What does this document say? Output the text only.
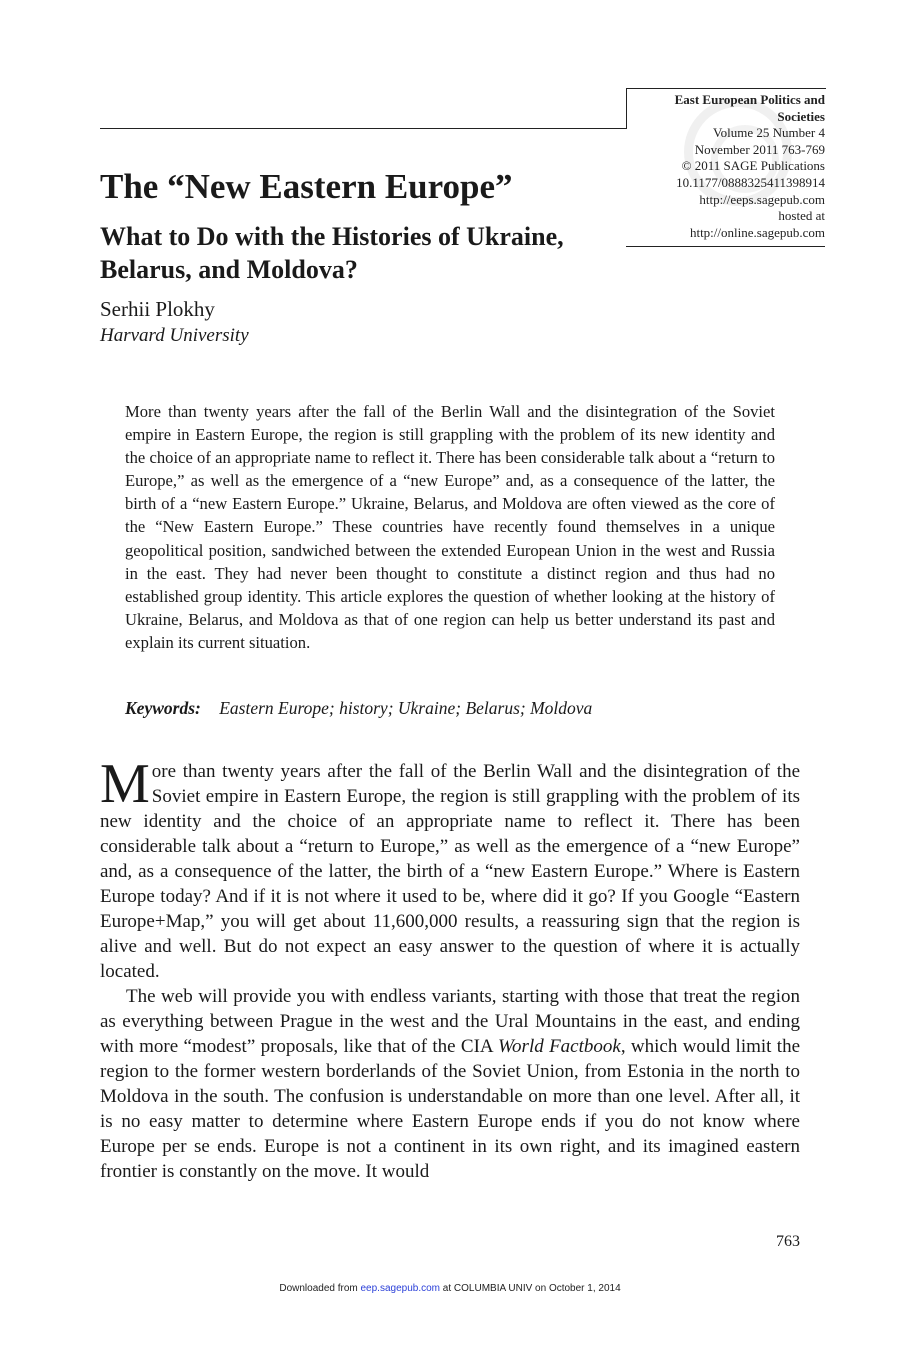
East European Politics and Societies
Volume 25 Number 4
November 2011 763-769
© 2011 SAGE Publications
10.1177/0888325411398914
http://eeps.sagepub.com
hosted at
http://online.sagepub.com
The “New Eastern Europe”
What to Do with the Histories of Ukraine, Belarus, and Moldova?
Serhii Plokhy
Harvard University

More than twenty years after the fall of the Berlin Wall and the disintegration of the Soviet empire in Eastern Europe, the region is still grappling with the problem of its new identity and the choice of an appropriate name to reflect it. There has been considerable talk about a “return to Europe,” as well as the emergence of a “new Europe” and, as a consequence of the latter, the birth of a “new Eastern Europe.” Ukraine, Belarus, and Moldova are often viewed as the core of the “New Eastern Europe.” These countries have recently found themselves in a unique geopolitical position, sandwiched between the extended European Union in the west and Russia in the east. They had never been thought to constitute a distinct region and thus had no established group identity. This article explores the question of whether looking at the history of Ukraine, Belarus, and Moldova as that of one region can help us better understand its past and explain its current situation.

Keywords: Eastern Europe; history; Ukraine; Belarus; Moldova

More than twenty years after the fall of the Berlin Wall and the disintegration of the Soviet empire in Eastern Europe, the region is still grappling with the problem of its new identity and the choice of an appropriate name to reflect it. There has been considerable talk about a “return to Europe,” as well as the emergence of a “new Europe” and, as a consequence of the latter, the birth of a “new Eastern Europe.” Where is Eastern Europe today? And if it is not where it used to be, where did it go? If you Google “Eastern Europe+Map,” you will get about 11,600,000 results, a reassuring sign that the region is alive and well. But do not expect an easy answer to the question of where it is actually located.

The web will provide you with endless variants, starting with those that treat the region as everything between Prague in the west and the Ural Mountains in the east, and ending with more “modest” proposals, like that of the CIA World Factbook, which would limit the region to the former western borderlands of the Soviet Union, from Estonia in the north to Moldova in the south. The confusion is understandable on more than one level. After all, it is no easy matter to determine where Eastern Europe ends if you do not know where Europe per se ends. Europe is not a continent in its own right, and its imagined eastern frontier is constantly on the move. It would

763
Downloaded from eep.sagepub.com at COLUMBIA UNIV on October 1, 2014
